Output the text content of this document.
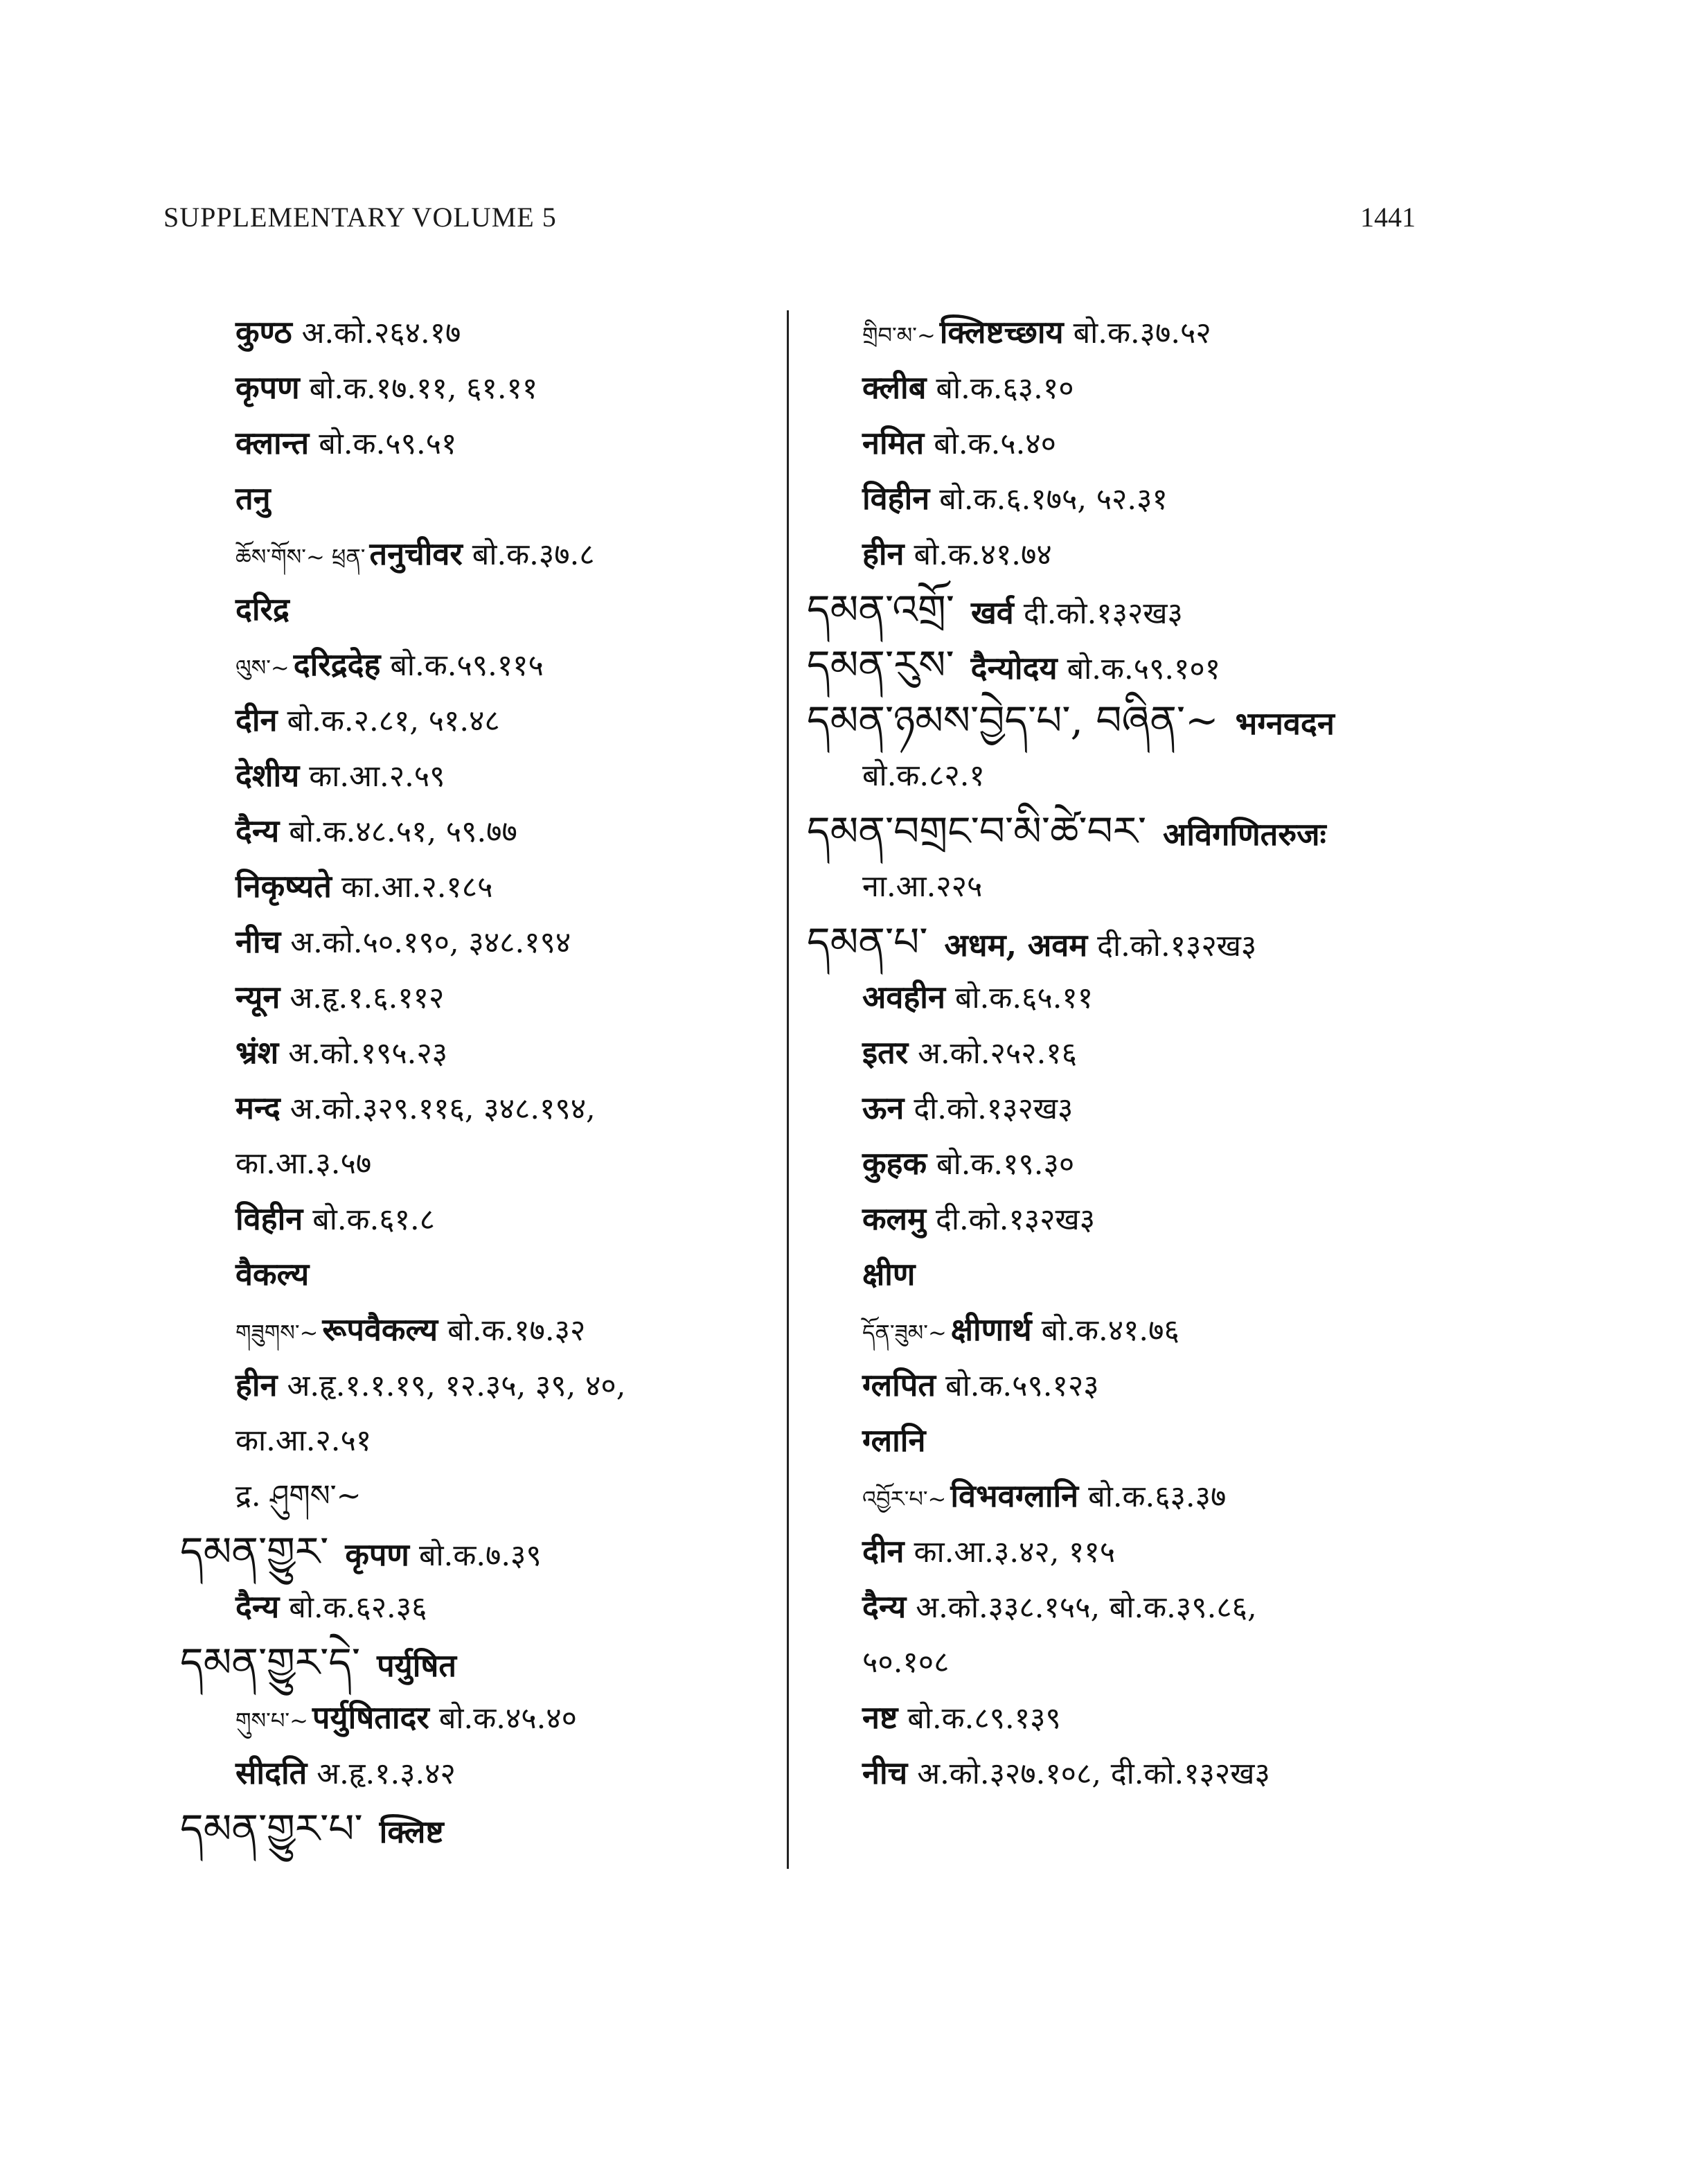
SUPPLEMENTARY VOLUME 5	1441
कुण्ठ अ.को.२६४.१७
कृपण बो.क.१७.११, ६१.११
क्लान्त बो.क.५९.५१
तनु
ཆོས་གོས་~ ཕྲན་ तनुचीवर बो.क.३७.८
दरिद्र
ལུས་~ दरिद्रदेह बो.क.५९.११५
दीन बो.क.२.८१, ५१.४८
देशीय का.आ.२.५९
दैन्य बो.क.४८.५१, ५९.७७
निकृष्यते का.आ.२.१८५
नीच अ.को.५०.१९०, ३४८.१९४
न्यून अ.हृ.१.६.११२
भ्रंश अ.को.१९५.२३
मन्द अ.को.३२९.११६, ३४८.१९४,
का.आ.३.५७
विहीन बो.क.६१.८
वैकल्य
གཟུགས་~ रूपवैकल्य बो.क.१७.३२
हीन अ.हृ.१.१.१९, १२.३५, ३९, ४०,
का.आ.२.५१
द्र. ཤུགས་~
དམན་གྱུར་ कृपण बो.क.७.३९
दैन्य बो.क.६२.३६
དམན་གྱུར་དེ་ पर्युषित
གུས་པ་~ पर्युषितादर बो.क.४५.४०
सीदति अ.हृ.१.३.४२
དམན་གྱུར་པ་ क्लिष्ट
གྲིབ་མ་~ क्लिष्टच्छाय बो.क.३७.५२
क्लीब बो.क.६३.१०
नमित बो.क.५.४०
विहीन बो.क.६.१७५, ५२.३१
हीन बो.क.४१.७४
དམན་འགྲོ་ खर्व दी.को.१३२ख३
དམན་རུས་ दैन्योदय बो.क.५९.१०१
དམན་ཉམས་བྱེད་པ་, བཞིན་~ भग्नवदन
बो.क.८२.१
དམན་བགྲང་བ་མི་ཚེ་བར་ अविगणितरुजः
ना.आ.२२५
དམན་པ་ अधम, अवम दी.को.१३२ख३
अवहीन बो.क.६५.११
इतर अ.को.२५२.१६
ऊन दी.को.१३२ख३
कुहक बो.क.१९.३०
कलमु दी.को.१३२ख३
क्षीण
དོན་ཟུམ་~ क्षीणार्थ बो.क.४१.७६
ग्लपित बो.क.५९.१२३
ग्लानि
འབྱོར་པ་~ विभवग्लानि बो.क.६३.३७
दीन का.आ.३.४२, ११५
दैन्य अ.को.३३८.१५५, बो.क.३९.८६,
५०.१०८
नष्ट बो.क.८९.१३९
नीच अ.को.३२७.१०८, दी.को.१३२ख३
